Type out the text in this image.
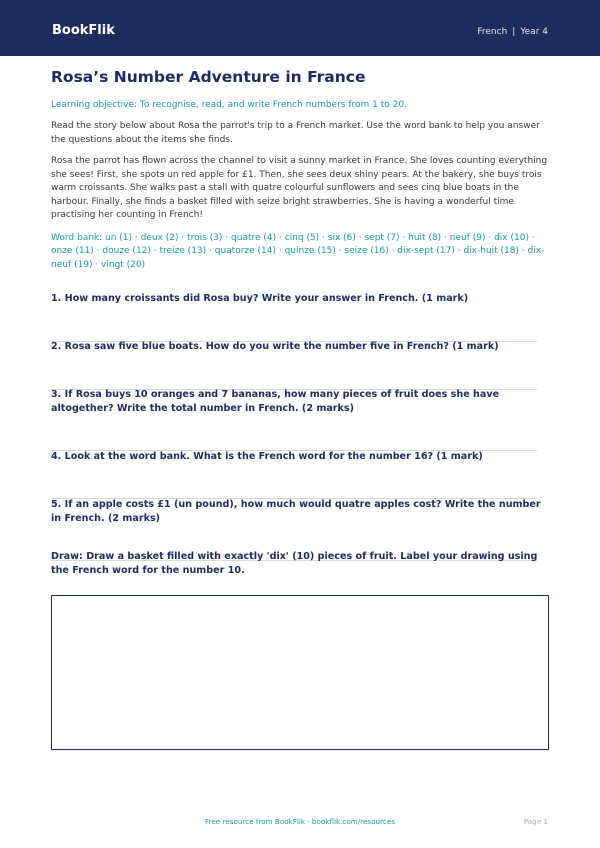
BookFlik	French | Year 4
Rosa’s Number Adventure in France
Learning objective: To recognise, read, and write French numbers from 1 to 20.
Read the story below about Rosa the parrot's trip to a French market. Use the word bank to help you answer the questions about the items she finds.
Rosa the parrot has flown across the channel to visit a sunny market in France. She loves counting everything she sees! First, she spots un red apple for £1. Then, she sees deux shiny pears. At the bakery, she buys trois warm croissants. She walks past a stall with quatre colourful sunflowers and sees cinq blue boats in the harbour. Finally, she finds a basket filled with seize bright strawberries. She is having a wonderful time practising her counting in French!
Word bank: un (1) · deux (2) · trois (3) · quatre (4) · cinq (5) · six (6) · sept (7) · huit (8) · neuf (9) · dix (10) · onze (11) · douze (12) · treize (13) · quatorze (14) · quinze (15) · seize (16) · dix-sept (17) · dix-huit (18) · dix-neuf (19) · vingt (20)
1. How many croissants did Rosa buy? Write your answer in French. (1 mark)
2. Rosa saw five blue boats. How do you write the number five in French? (1 mark)
3. If Rosa buys 10 oranges and 7 bananas, how many pieces of fruit does she have altogether? Write the total number in French. (2 marks)
4. Look at the word bank. What is the French word for the number 16? (1 mark)
5. If an apple costs £1 (un pound), how much would quatre apples cost? Write the number in French. (2 marks)
Draw: Draw a basket filled with exactly 'dix' (10) pieces of fruit. Label your drawing using the French word for the number 10.
Free resource from BookFlik · bookflik.com/resources	Page 1
